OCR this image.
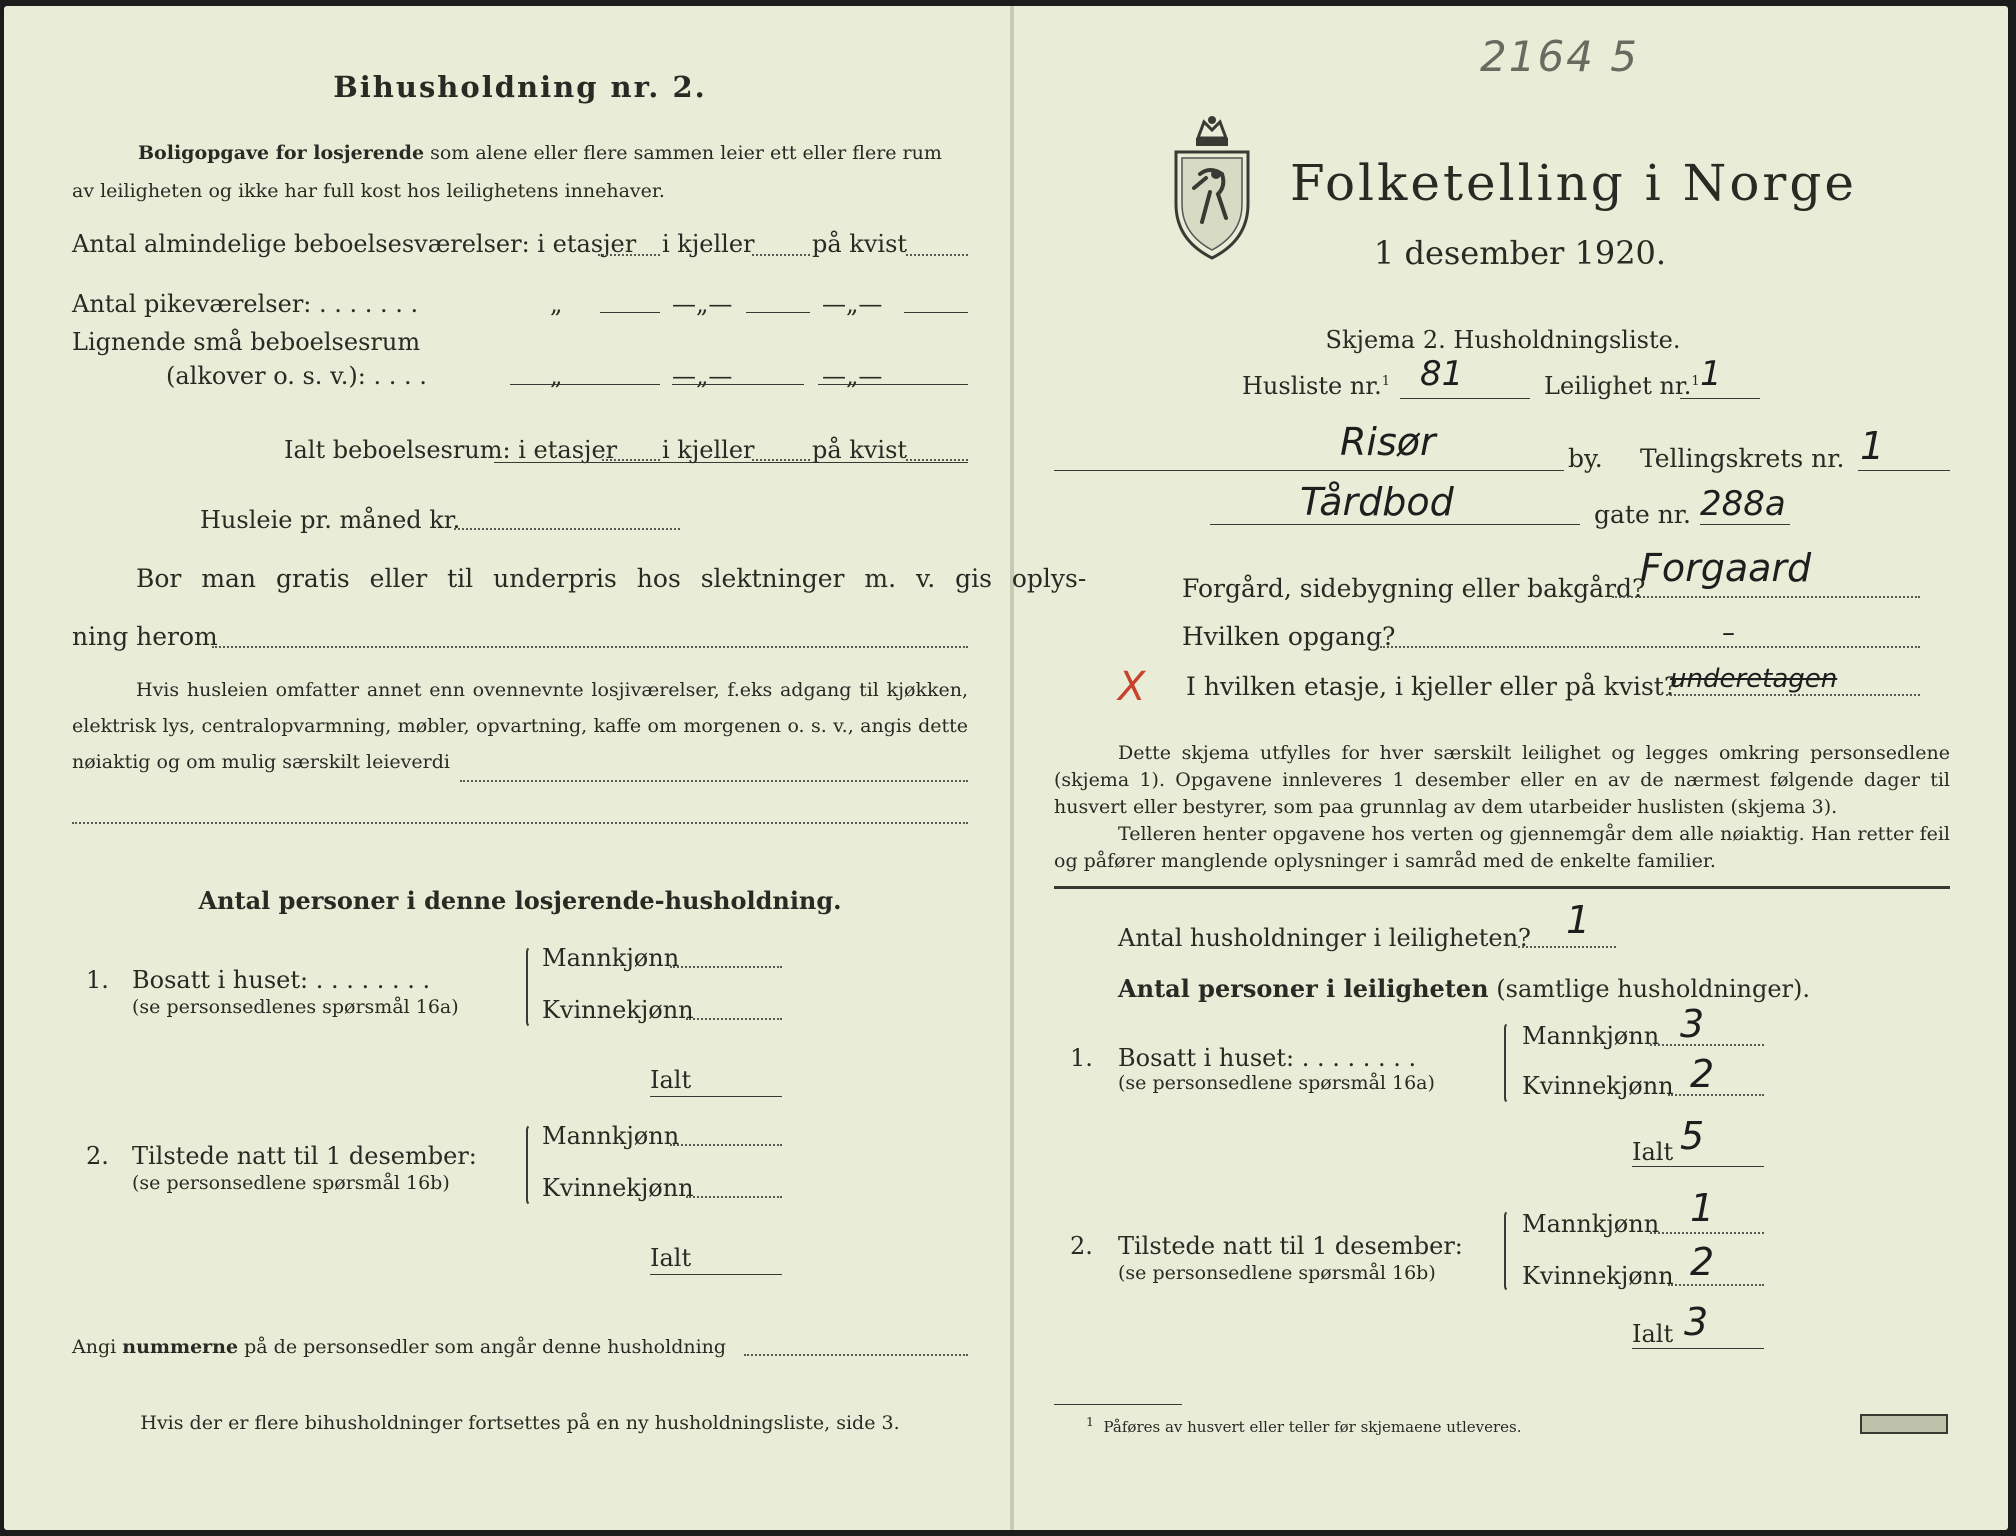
Bihusholdning nr. 2.
Boligopgave for losjerende som alene eller flere sammen leier ett eller flere rum
av leiligheten og ikke har full kost hos leilighetens innehaver.
Antal almindelige beboelsesværelser: i etasjer i kjeller på kvist
Antal pikeværelser: . . . . . . .	„	—„—	—„—
Lignende små beboelsesrum
(alkover o. s. v.): . . . .	„	—„—	—„—
Ialt beboelsesrum: i etasjer i kjeller på kvist
Husleie pr. måned kr.
Bor man gratis eller til underpris hos slektninger m. v. gis oplys-
ning herom
Hvis husleien omfatter annet enn ovennevnte losjiværelser, f.eks adgang til kjøkken, elektrisk lys, centralopvarmning, møbler, opvartning, kaffe om morgenen o. s. v., angis dette nøiaktig og om mulig særskilt leieverdi
Antal personer i denne losjerende-husholdning.
1. Bosatt i huset: . . . . . . . .
(se personsedlenes spørsmål 16a)
Mannkjønn
Kvinnekjønn
Ialt
2. Tilstede natt til 1 desember:
(se personsedlene spørsmål 16b)
Mannkjønn
Kvinnekjønn
Ialt
Angi nummerne på de personsedler som angår denne husholdning
Hvis der er flere bihusholdninger fortsettes på en ny husholdningsliste, side 3.
2164 5
Folketelling i Norge
1 desember 1920.
Skjema 2. Husholdningsliste.
Husliste nr.$^1$ 81	Leilighet nr.$^1$ 1
Risør	by. Tellingskrets nr. 1
Tårdbod	gate nr. 288a
Forgård, sidebygning eller bakgård?
Forgaard
Hvilken opgang?	–
X I hvilken etasje, i kjeller eller på kvist?
underetagen
Dette skjema utfylles for hver særskilt leilighet og legges omkring personsedlene (skjema 1). Opgavene innleveres 1 desember eller en av de nærmest følgende dager til husvert eller bestyrer, som paa grunnlag av dem utarbeider huslisten (skjema 3).
Telleren henter opgavene hos verten og gjennemgår dem alle nøiaktig. Han retter feil og påfører manglende oplysninger i samråd med de enkelte familier.
Antal husholdninger i leiligheten? 1
Antal personer i leiligheten (samtlige husholdninger).
1. Bosatt i huset: . . . . . . . .
(se personsedlene spørsmål 16a)
Mannkjønn 3
Kvinnekjønn 2
Ialt 5
2. Tilstede natt til 1 desember:
(se personsedlene spørsmål 16b)
Mannkjønn 1
Kvinnekjønn 2
Ialt 3
$^1$ Påføres av husvert eller teller før skjemaene utleveres.
